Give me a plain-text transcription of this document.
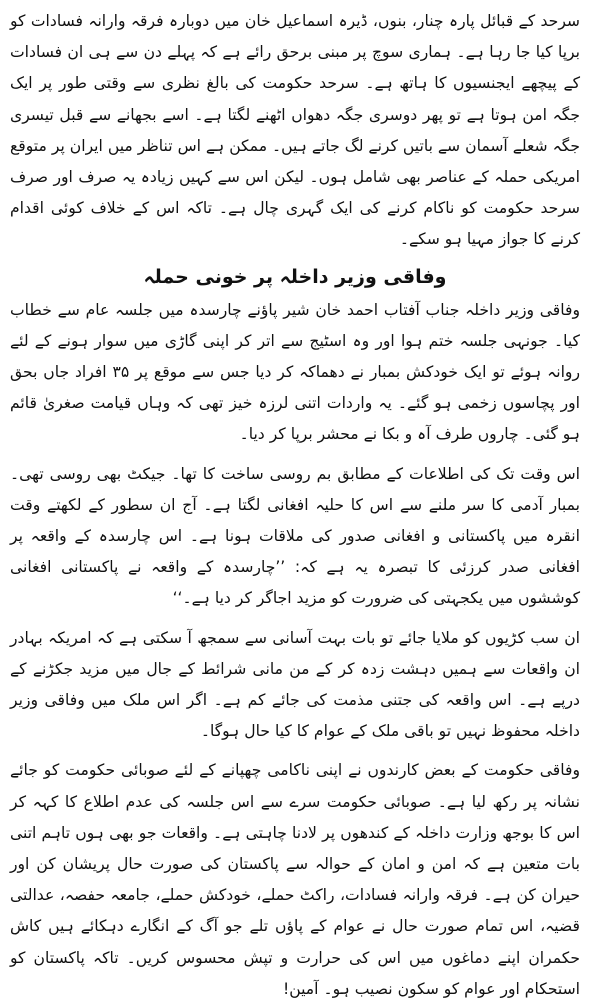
سرحد کے قبائل پارہ چنار، بنوں، ڈیرہ اسماعیل خان میں دوبارہ فرقہ وارانہ فسادات کو برپا کیا جا رہا ہے۔ ہماری سوچ پر مبنی برحق رائے ہے کہ پہلے دن سے ہی ان فسادات کے پیچھے ایجنسیوں کا ہاتھ ہے۔ سرحد حکومت کی بالغ نظری سے وقتی طور پر ایک جگہ امن ہوتا ہے تو پھر دوسری جگہ دھواں اٹھنے لگتا ہے۔ اسے بجھانے سے قبل تیسری جگہ شعلے آسمان سے باتیں کرنے لگ جاتے ہیں۔ ممکن ہے اس تناظر میں ایران پر متوقع امریکی حملہ کے عناصر بھی شامل ہوں۔ لیکن اس سے کہیں زیادہ یہ صرف اور صرف سرحد حکومت کو ناکام کرنے کی ایک گہری چال ہے۔ تاکہ اس کے خلاف کوئی اقدام کرنے کا جواز مہیا ہو سکے۔

وفاقی وزیر داخلہ پر خونی حملہ

وفاقی وزیر داخلہ جناب آفتاب احمد خان شیر پاؤنے چارسدہ میں جلسہ عام سے خطاب کیا۔ جونہی جلسہ ختم ہوا اور وہ اسٹیج سے اتر کر اپنی گاڑی میں سوار ہونے کے لئے روانہ ہوئے تو ایک خودکش بمبار نے دھماکہ کر دیا جس سے موقع پر ۳۵ افراد جاں بحق اور پچاسوں زخمی ہو گئے۔ یہ واردات اتنی لرزہ خیز تھی کہ وہاں قیامت صغریٰ قائم ہو گئی۔ چاروں طرف آہ و بکا نے محشر برپا کر دیا۔

اس وقت تک کی اطلاعات کے مطابق بم روسی ساخت کا تھا۔ جیکٹ بھی روسی تھی۔ بمبار آدمی کا سر ملنے سے اس کا حلیہ افغانی لگتا ہے۔ آج ان سطور کے لکھتے وقت انقرہ میں پاکستانی و افغانی صدور کی ملاقات ہونا ہے۔ اس چارسدہ کے واقعہ پر افغانی صدر کرزئی کا تبصرہ یہ ہے کہ: ’’چارسدہ کے واقعہ نے پاکستانی افغانی کوششوں میں یکجہتی کی ضرورت کو مزید اجاگر کر دیا ہے۔‘‘

ان سب کڑیوں کو ملایا جائے تو بات بہت آسانی سے سمجھ آ سکتی ہے کہ امریکہ بہادر ان واقعات سے ہمیں دہشت زدہ کر کے من مانی شرائط کے جال میں مزید جکڑنے کے درپے ہے۔ اس واقعہ کی جتنی مذمت کی جائے کم ہے۔ اگر اس ملک میں وفاقی وزیر داخلہ محفوظ نہیں تو باقی ملک کے عوام کا کیا حال ہوگا۔

وفاقی حکومت کے بعض کارندوں نے اپنی ناکامی چھپانے کے لئے صوبائی حکومت کو جائے نشانہ پر رکھ لیا ہے۔ صوبائی حکومت سرے سے اس جلسہ کی عدم اطلاع کا کہہ کر اس کا بوجھ وزارت داخلہ کے کندھوں پر لادنا چاہتی ہے۔ واقعات جو بھی ہوں تاہم اتنی بات متعین ہے کہ امن و امان کے حوالہ سے پاکستان کی صورت حال پریشان کن اور حیران کن ہے۔ فرقہ وارانہ فسادات، راکٹ حملے، خودکش حملے، جامعہ حفصہ، عدالتی قضیہ، اس تمام صورت حال نے عوام کے پاؤں تلے جو آگ کے انگارے دہکائے ہیں کاش حکمران اپنے دماغوں میں اس کی حرارت و تپش محسوس کریں۔ تاکہ پاکستان کو استحکام اور عوام کو سکون نصیب ہو۔ آمین!
